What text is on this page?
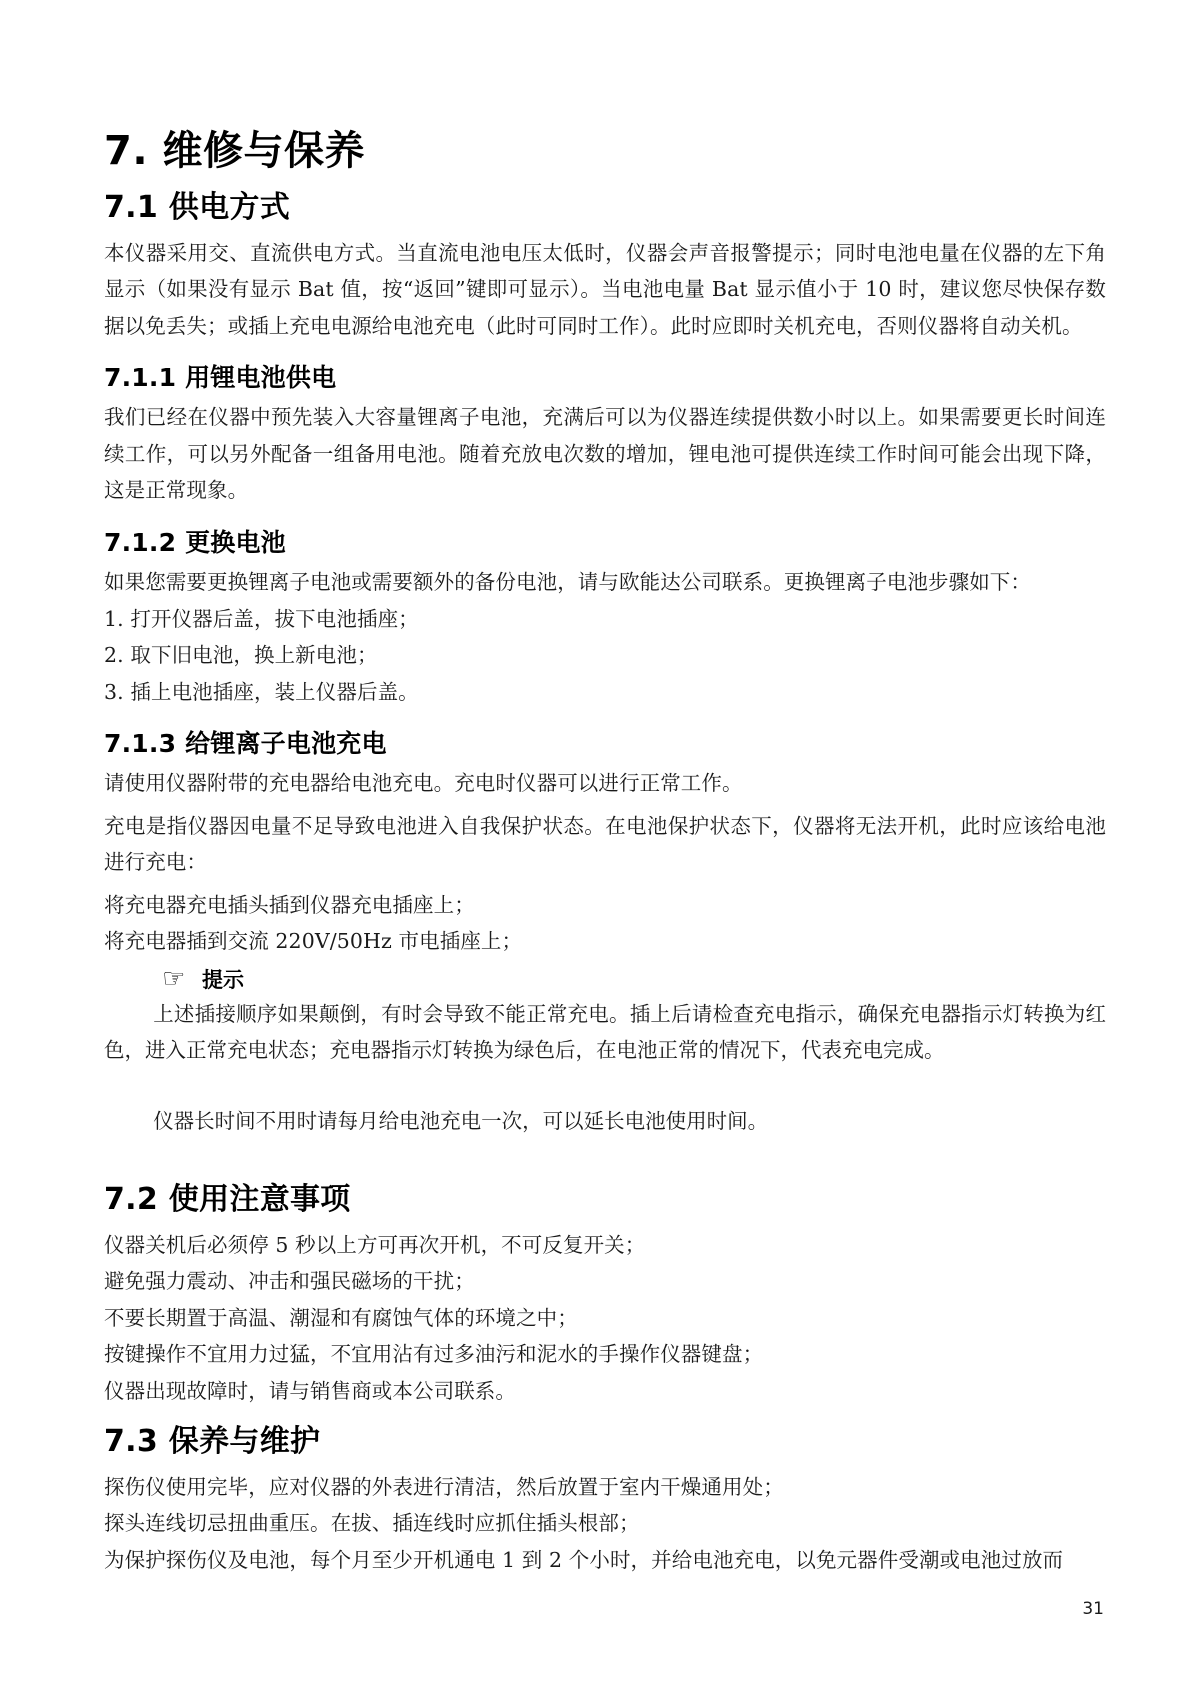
7. 维修与保养
7.1 供电方式

本仪器采用交、直流供电方式。当直流电池电压太低时，仪器会声音报警提示；同时电池电量在仪器的左下角显示（如果没有显示 Bat 值，按“返回”键即可显示）。当电池电量 Bat 显示值小于 10 时，建议您尽快保存数据以免丢失；或插上充电电源给电池充电（此时可同时工作）。此时应即时关机充电，否则仪器将自动关机。

7.1.1 用锂电池供电

我们已经在仪器中预先装入大容量锂离子电池，充满后可以为仪器连续提供数小时以上。如果需要更长时间连续工作，可以另外配备一组备用电池。随着充放电次数的增加，锂电池可提供连续工作时间可能会出现下降，这是正常现象。

7.1.2 更换电池

如果您需要更换锂离子电池或需要额外的备份电池，请与欧能达公司联系。更换锂离子电池步骤如下：

1. 打开仪器后盖，拔下电池插座；

2. 取下旧电池，换上新电池；

3. 插上电池插座，装上仪器后盖。

7.1.3 给锂离子电池充电

请使用仪器附带的充电器给电池充电。充电时仪器可以进行正常工作。

充电是指仪器因电量不足导致电池进入自我保护状态。在电池保护状态下，仪器将无法开机，此时应该给电池进行充电：

将充电器充电插头插到仪器充电插座上；

将充电器插到交流 220V/50Hz 市电插座上；

☞ 提示

上述插接顺序如果颠倒，有时会导致不能正常充电。插上后请检查充电指示，确保充电器指示灯转换为红色，进入正常充电状态；充电器指示灯转换为绿色后，在电池正常的情况下，代表充电完成。

仪器长时间不用时请每月给电池充电一次，可以延长电池使用时间。

7.2 使用注意事项

仪器关机后必须停 5 秒以上方可再次开机，不可反复开关；

避免强力震动、冲击和强民磁场的干扰；

不要长期置于高温、潮湿和有腐蚀气体的环境之中；

按键操作不宜用力过猛，不宜用沾有过多油污和泥水的手操作仪器键盘；

仪器出现故障时，请与销售商或本公司联系。

7.3 保养与维护

探伤仪使用完毕，应对仪器的外表进行清洁，然后放置于室内干燥通用处；

探头连线切忌扭曲重压。在拔、插连线时应抓住插头根部；

为保护探伤仪及电池，每个月至少开机通电 1 到 2 个小时，并给电池充电，以免元器件受潮或电池过放而

31
